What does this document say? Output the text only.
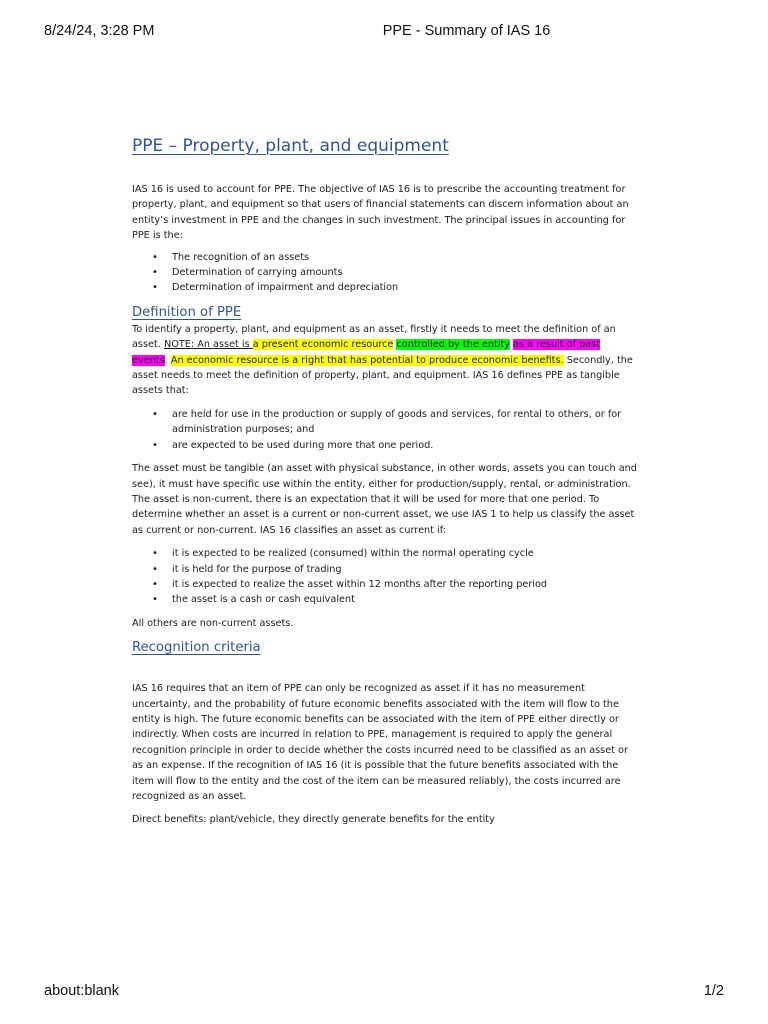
8/24/24, 3:28 PM	PPE - Summary of IAS 16
PPE – Property, plant, and equipment

IAS 16 is used to account for PPE. The objective of IAS 16 is to prescribe the accounting treatment for property, plant, and equipment so that users of financial statements can discern information about an entity’s investment in PPE and the changes in such investment. The principal issues in accounting for PPE is the:

• The recognition of an assets
• Determination of carrying amounts
• Determination of impairment and depreciation
Definition of PPE

To identify a property, plant, and equipment as an asset, firstly it needs to meet the definition of an asset. NOTE: An asset is a present economic resource controlled by the entity as a result of past events. An economic resource is a right that has potential to produce economic benefits. Secondly, the asset needs to meet the definition of property, plant, and equipment. IAS 16 defines PPE as tangible assets that:

• are held for use in the production or supply of goods and services, for rental to others, or for administration purposes; and
• are expected to be used during more that one period.

The asset must be tangible (an asset with physical substance, in other words, assets you can touch and see), it must have specific use within the entity, either for production/supply, rental, or administration. The asset is non-current, there is an expectation that it will be used for more that one period. To determine whether an asset is a current or non-current asset, we use IAS 1 to help us classify the asset as current or non-current. IAS 16 classifies an asset as current if:

• it is expected to be realized (consumed) within the normal operating cycle
• it is held for the purpose of trading
• it is expected to realize the asset within 12 months after the reporting period
• the asset is a cash or cash equivalent

All others are non-current assets.

Recognition criteria

IAS 16 requires that an item of PPE can only be recognized as asset if it has no measurement uncertainty, and the probability of future economic benefits associated with the item will flow to the entity is high. The future economic benefits can be associated with the item of PPE either directly or indirectly. When costs are incurred in relation to PPE, management is required to apply the general recognition principle in order to decide whether the costs incurred need to be classified as an asset or as an expense. If the recognition of IAS 16 (it is possible that the future benefits associated with the item will flow to the entity and the cost of the item can be measured reliably), the costs incurred are recognized as an asset.

Direct benefits: plant/vehicle, they directly generate benefits for the entity

about:blank	1/2
